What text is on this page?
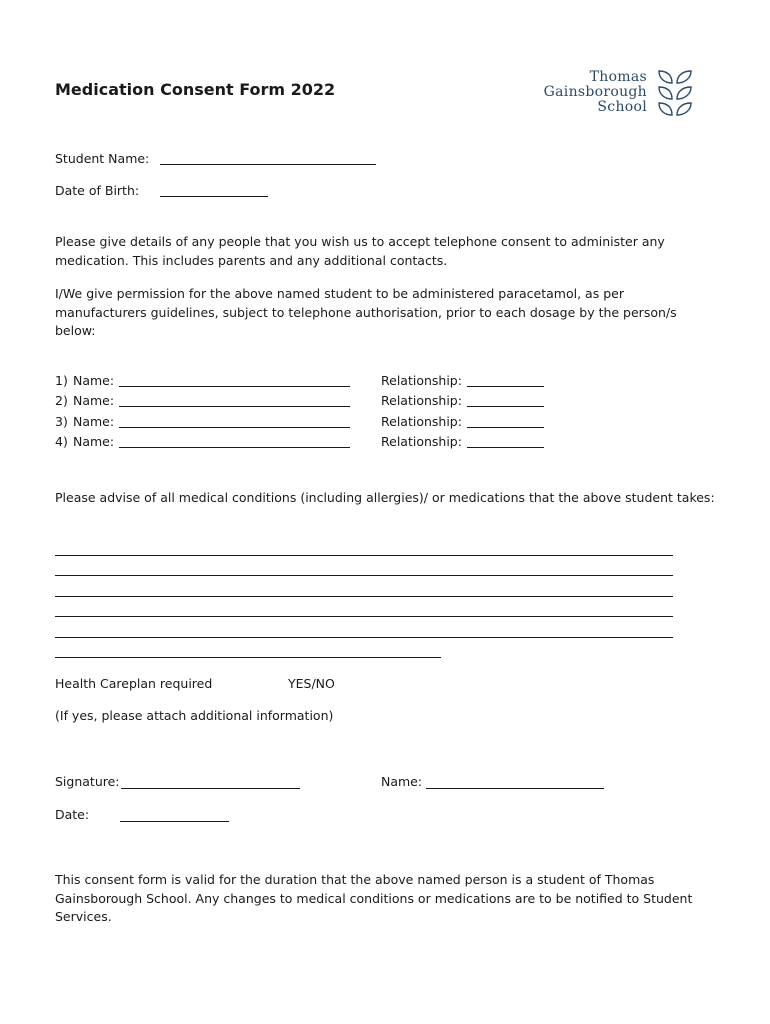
Medication Consent Form 2022
Thomas
Gainsborough
School
Student Name:
Date of Birth:
Please give details of any people that you wish us to accept telephone consent to administer any medication. This includes parents and any additional contacts.
I/We give permission for the above named student to be administered paracetamol, as per manufacturers guidelines, subject to telephone authorisation, prior to each dosage by the person/s below:
1) Name:	Relationship:
2) Name:	Relationship:
3) Name:	Relationship:
4) Name:	Relationship:
Please advise of all medical conditions (including allergies)/ or medications that the above student takes:
Health Careplan required	YES/NO
(If yes, please attach additional information)
Signature:	Name:
Date:
This consent form is valid for the duration that the above named person is a student of Thomas Gainsborough School. Any changes to medical conditions or medications are to be notified to Student Services.
